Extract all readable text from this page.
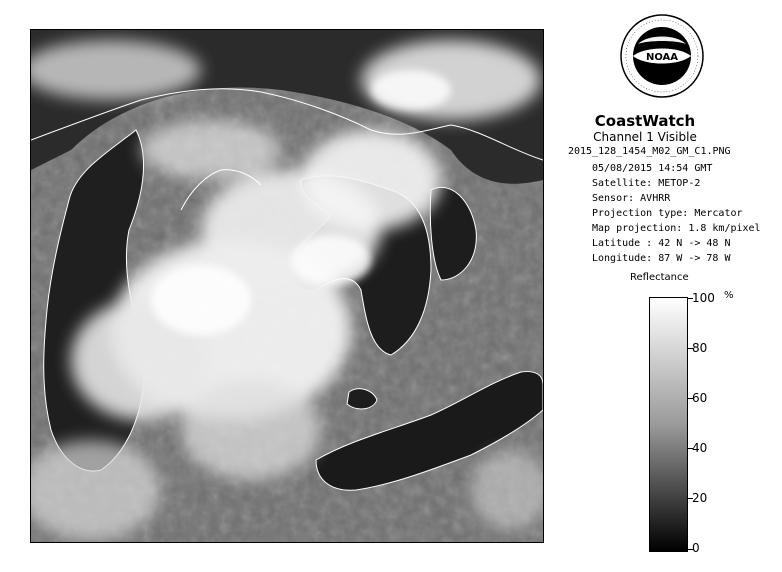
NOAA
CoastWatch
Channel 1 Visible
2015_128_1454_M02_GM_C1.PNG
05/08/2015 14:54 GMT
Satellite: METOP-2
Sensor: AVHRR
Projection type: Mercator
Map projection: 1.8 km/pixel
Latitude : 42 N -> 48 N
Longitude: 87 W -> 78 W
Reflectance
%
100
80
60
40
20
0
